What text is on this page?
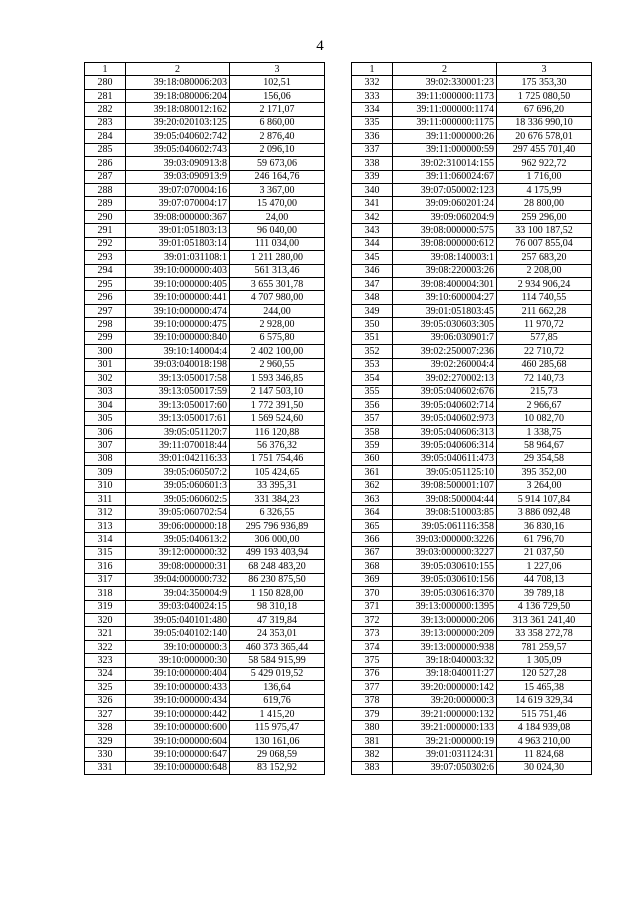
4
1	2	3
280	39:18:080006:203	102,51
281	39:18:080006:204	156,06
282	39:18:080012:162	2 171,07
283	39:20:020103:125	6 860,00
284	39:05:040602:742	2 876,40
285	39:05:040602:743	2 096,10
286	39:03:090913:8	59 673,06
287	39:03:090913:9	246 164,76
288	39:07:070004:16	3 367,00
289	39:07:070004:17	15 470,00
290	39:08:000000:367	24,00
291	39:01:051803:13	96 040,00
292	39:01:051803:14	111 034,00
293	39:01:031108:1	1 211 280,00
294	39:10:000000:403	561 313,46
295	39:10:000000:405	3 655 301,78
296	39:10:000000:441	4 707 980,00
297	39:10:000000:474	244,00
298	39:10:000000:475	2 928,00
299	39:10:000000:840	6 575,80
300	39:10:140004:4	2 402 100,00
301	39:03:040018:198	2 960,55
302	39:13:050017:58	1 593 346,85
303	39:13:050017:59	2 147 503,10
304	39:13:050017:60	1 772 391,50
305	39:13:050017:61	1 569 524,60
306	39:05:051120:7	116 120,88
307	39:11:070018:44	56 376,32
308	39:01:042116:33	1 751 754,46
309	39:05:060507:2	105 424,65
310	39:05:060601:3	33 395,31
311	39:05:060602:5	331 384,23
312	39:05:060702:54	6 326,55
313	39:06:000000:18	295 796 936,89
314	39:05:040613:2	306 000,00
315	39:12:000000:32	499 193 403,94
316	39:08:000000:31	68 248 483,20
317	39:04:000000:732	86 230 875,50
318	39:04:350004:9	1 150 828,00
319	39:03:040024:15	98 310,18
320	39:05:040101:480	47 319,84
321	39:05:040102:140	24 353,01
322	39:10:000000:3	460 373 365,44
323	39:10:000000:30	58 584 915,99
324	39:10:000000:404	5 429 019,52
325	39:10:000000:433	136,64
326	39:10:000000:434	619,76
327	39:10:000000:442	1 415,20
328	39:10:000000:600	115 975,47
329	39:10:000000:604	130 161,06
330	39:10:000000:647	29 068,59
331	39:10:000000:648	83 152,92
1	2	3
332	39:02:330001:23	175 353,30
333	39:11:000000:1173	1 725 080,50
334	39:11:000000:1174	67 696,20
335	39:11:000000:1175	18 336 990,10
336	39:11:000000:26	20 676 578,01
337	39:11:000000:59	297 455 701,40
338	39:02:310014:155	962 922,72
339	39:11:060024:67	1 716,00
340	39:07:050002:123	4 175,99
341	39:09:060201:24	28 800,00
342	39:09:060204:9	259 296,00
343	39:08:000000:575	33 100 187,52
344	39:08:000000:612	76 007 855,04
345	39:08:140003:1	257 683,20
346	39:08:220003:26	2 208,00
347	39:08:400004:301	2 934 906,24
348	39:10:600004:27	114 740,55
349	39:01:051803:45	211 662,28
350	39:05:030603:305	11 970,72
351	39:06:030901:7	577,85
352	39:02:250007:236	22 710,72
353	39:02:260004:4	460 285,68
354	39:02:270002:13	72 140,73
355	39:05:040602:676	215,73
356	39:05:040602:714	2 966,67
357	39:05:040602:973	10 082,70
358	39:05:040606:313	1 338,75
359	39:05:040606:314	58 964,67
360	39:05:040611:473	29 354,58
361	39:05:051125:10	395 352,00
362	39:08:500001:107	3 264,00
363	39:08:500004:44	5 914 107,84
364	39:08:510003:85	3 886 092,48
365	39:05:061116:358	36 830,16
366	39:03:000000:3226	61 796,70
367	39:03:000000:3227	21 037,50
368	39:05:030610:155	1 227,06
369	39:05:030610:156	44 708,13
370	39:05:030616:370	39 789,18
371	39:13:000000:1395	4 136 729,50
372	39:13:000000:206	313 361 241,40
373	39:13:000000:209	33 358 272,78
374	39:13:000000:938	781 259,57
375	39:18:040003:32	1 305,09
376	39:18:040011:27	120 527,28
377	39:20:000000:142	15 465,38
378	39:20:000000:3	14 619 329,34
379	39:21:000000:132	515 751,46
380	39:21:000000:133	4 184 939,08
381	39:21:000000:19	4 963 210,00
382	39:01:031124:31	11 824,68
383	39:07:050302:6	30 024,30
